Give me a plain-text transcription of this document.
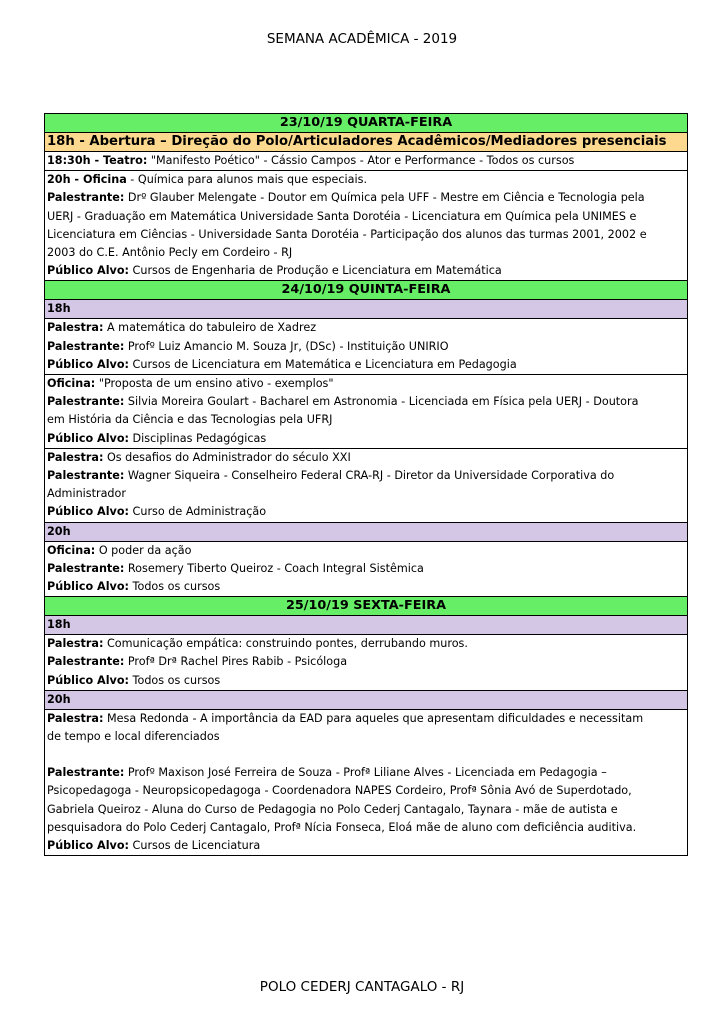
SEMANA ACADÊMICA - 2019
23/10/19 QUARTA-FEIRA
18h - Abertura – Direção do Polo/Articuladores Acadêmicos/Mediadores presenciais
18:30h - Teatro: "Manifesto Poético" - Cássio Campos - Ator e Performance - Todos os cursos
20h - Oficina - Química para alunos mais que especiais.
Palestrante: Drº Glauber Melengate - Doutor em Química pela UFF - Mestre em Ciência e Tecnologia pela
UERJ - Graduação em Matemática Universidade Santa Dorotéia - Licenciatura em Química pela UNIMES e
Licenciatura em Ciências - Universidade Santa Dorotéia - Participação dos alunos das turmas 2001, 2002 e
2003 do C.E. Antônio Pecly em Cordeiro - RJ
Público Alvo: Cursos de Engenharia de Produção e Licenciatura em Matemática
24/10/19 QUINTA-FEIRA
18h
Palestra: A matemática do tabuleiro de Xadrez
Palestrante: Profº Luiz Amancio M. Souza Jr, (DSc) - Instituição UNIRIO
Público Alvo: Cursos de Licenciatura em Matemática e Licenciatura em Pedagogia
Oficina: "Proposta de um ensino ativo - exemplos"
Palestrante: Silvia Moreira Goulart - Bacharel em Astronomia - Licenciada em Física pela UERJ - Doutora
em História da Ciência e das Tecnologias pela UFRJ
Público Alvo: Disciplinas Pedagógicas
Palestra: Os desafios do Administrador do século XXI
Palestrante: Wagner Siqueira - Conselheiro Federal CRA-RJ - Diretor da Universidade Corporativa do
Administrador
Público Alvo: Curso de Administração
20h
Oficina: O poder da ação
Palestrante: Rosemery Tiberto Queiroz - Coach Integral Sistêmica
Público Alvo: Todos os cursos
25/10/19 SEXTA-FEIRA
18h
Palestra: Comunicação empática: construindo pontes, derrubando muros.
Palestrante: Profª Drª Rachel Pires Rabib - Psicóloga
Público Alvo: Todos os cursos
20h
Palestra: Mesa Redonda - A importância da EAD para aqueles que apresentam dificuldades e necessitam
de tempo e local diferenciados
Palestrante: Profº Maxison José Ferreira de Souza - Profª Liliane Alves - Licenciada em Pedagogia –
Psicopedagoga - Neuropsicopedagoga - Coordenadora NAPES Cordeiro, Profª Sônia Avó de Superdotado,
Gabriela Queiroz - Aluna do Curso de Pedagogia no Polo Cederj Cantagalo, Taynara - mãe de autista e
pesquisadora do Polo Cederj Cantagalo, Profª Nícia Fonseca, Eloá mãe de aluno com deficiência auditiva.
Público Alvo: Cursos de Licenciatura
POLO CEDERJ CANTAGALO - RJ
